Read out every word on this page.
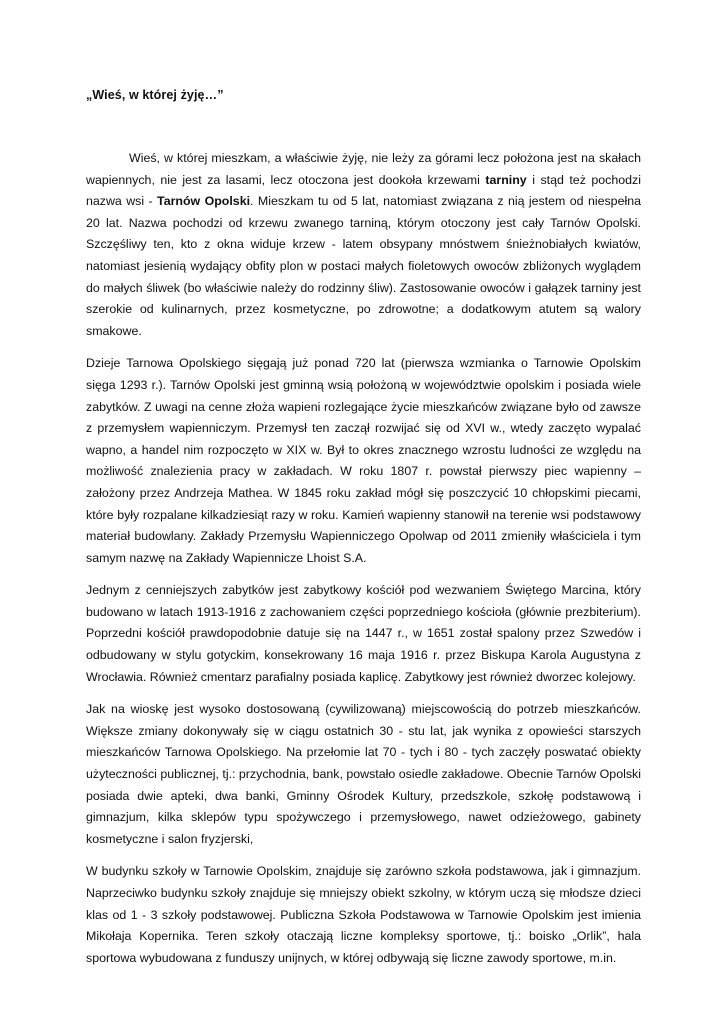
„Wieś, w której żyję…”

Wieś, w której mieszkam, a właściwie żyję, nie leży za górami lecz położona jest na skałach wapiennych, nie jest za lasami, lecz otoczona jest dookoła krzewami tarniny i stąd też pochodzi nazwa wsi - Tarnów Opolski. Mieszkam tu od 5 lat, natomiast związana z nią jestem od niespełna 20 lat. Nazwa pochodzi od krzewu zwanego tarniną, którym otoczony jest cały Tarnów Opolski. Szczęśliwy ten, kto z okna widuje krzew - latem obsypany mnóstwem śnieżnobiałych kwiatów, natomiast jesienią wydający obfity plon w postaci małych fioletowych owoców zbliżonych wyglądem do małych śliwek (bo właściwie należy do rodzinny śliw). Zastosowanie owoców i gałązek tarniny jest szerokie od kulinarnych, przez kosmetyczne, po zdrowotne; a dodatkowym atutem są walory smakowe.

Dzieje Tarnowa Opolskiego sięgają już ponad 720 lat (pierwsza wzmianka o Tarnowie Opolskim sięga 1293 r.). Tarnów Opolski jest gminną wsią położoną w województwie opolskim i posiada wiele zabytków. Z uwagi na cenne złoża wapieni rozlegające życie mieszkańców związane było od zawsze z przemysłem wapienniczym. Przemysł ten zaczął rozwijać się od XVI w., wtedy zaczęto wypalać wapno, a handel nim rozpoczęto w XIX w. Był to okres znacznego wzrostu ludności ze względu na możliwość znalezienia pracy w zakładach. W roku 1807 r. powstał pierwszy piec wapienny – założony przez Andrzeja Mathea. W 1845 roku zakład mógł się poszczycić 10 chłopskimi piecami, które były rozpalane kilkadziesiąt razy w roku. Kamień wapienny stanowił na terenie wsi podstawowy materiał budowlany. Zakłady Przemysłu Wapienniczego Opolwap od 2011 zmieniły właściciela i tym samym nazwę na Zakłady Wapiennicze Lhoist S.A.

Jednym z cenniejszych zabytków jest zabytkowy kościół pod wezwaniem Świętego Marcina, który budowano w latach 1913-1916 z zachowaniem części poprzedniego kościoła (głównie prezbiterium). Poprzedni kościół prawdopodobnie datuje się na 1447 r., w 1651 został spalony przez Szwedów i odbudowany w stylu gotyckim, konsekrowany 16 maja 1916 r. przez Biskupa Karola Augustyna z Wrocławia. Również cmentarz parafialny posiada kaplicę. Zabytkowy jest również dworzec kolejowy.

Jak na wioskę jest wysoko dostosowaną (cywilizowaną) miejscowością do potrzeb mieszkańców. Większe zmiany dokonywały się w ciągu ostatnich 30 - stu lat, jak wynika z opowieści starszych mieszkańców Tarnowa Opolskiego. Na przełomie lat 70 - tych i 80 - tych zaczęły poswatać obiekty użyteczności publicznej, tj.: przychodnia, bank, powstało osiedle zakładowe. Obecnie Tarnów Opolski posiada dwie apteki, dwa banki, Gminny Ośrodek Kultury, przedszkole, szkołę podstawową i gimnazjum, kilka sklepów typu spożywczego i przemysłowego, nawet odzieżowego, gabinety kosmetyczne i salon fryzjerski,

W budynku szkoły w Tarnowie Opolskim, znajduje się zarówno szkoła podstawowa, jak i gimnazjum. Naprzeciwko budynku szkoły znajduje się mniejszy obiekt szkolny, w którym uczą się młodsze dzieci klas od 1 - 3 szkoły podstawowej. Publiczna Szkoła Podstawowa w Tarnowie Opolskim jest imienia Mikołaja Kopernika. Teren szkoły otaczają liczne kompleksy sportowe, tj.: boisko „Orlik”, hala sportowa wybudowana z funduszy unijnych, w której odbywają się liczne zawody sportowe, m.in.
